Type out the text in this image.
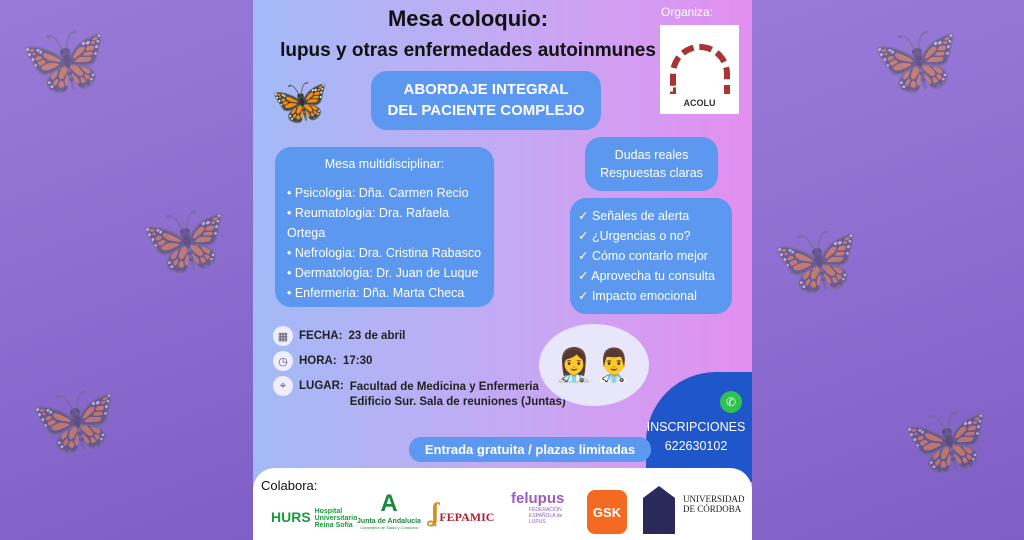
🦋
🦋
🦋
🦋
🦋
🦋
Mesa coloquio:
lupus y otras enfermedades autoinmunes
Organiza:
ACOLU
🦋	ABORDAJE INTEGRAL
DEL PACIENTE COMPLEJO
Mesa multidisciplinar:
• Psicologia: Dña. Carmen Recio
• Reumatologia: Dra. Rafaela Ortega
• Nefrologia: Dra. Cristina Rabasco
• Dermatologia: Dr. Juan de Luque
• Enfermeria: Dña. Marta Checa
Dudas reales
Respuestas claras
✓ Señales de alerta
✓ ¿Urgencias o no?
✓ Cómo contarlo mejor
✓ Aprovecha tu consulta
✓ Impacto emocional
▦ FECHA: 23 de abril
◷ HORA: 17:30
⌖	LUGAR: Facultad de Medicina y Enfermeria
Edificio Sur. Sala de reuniones (Juntas)
👩‍⚕️👨‍⚕️
✆
INSCRIPCIONES
622630102
Entrada gratuita / plazas limitadas
Colabora:
HURS Hospital Universitario Reina Sofía
A
Junta de Andalucía
Consejería de Salud y Consumo
ʆFEPAMIC
felupus
FEDERACIÓN ESPAÑOLA de LUPUS
GSK
UNIVERSIDAD DE CÓRDOBA
